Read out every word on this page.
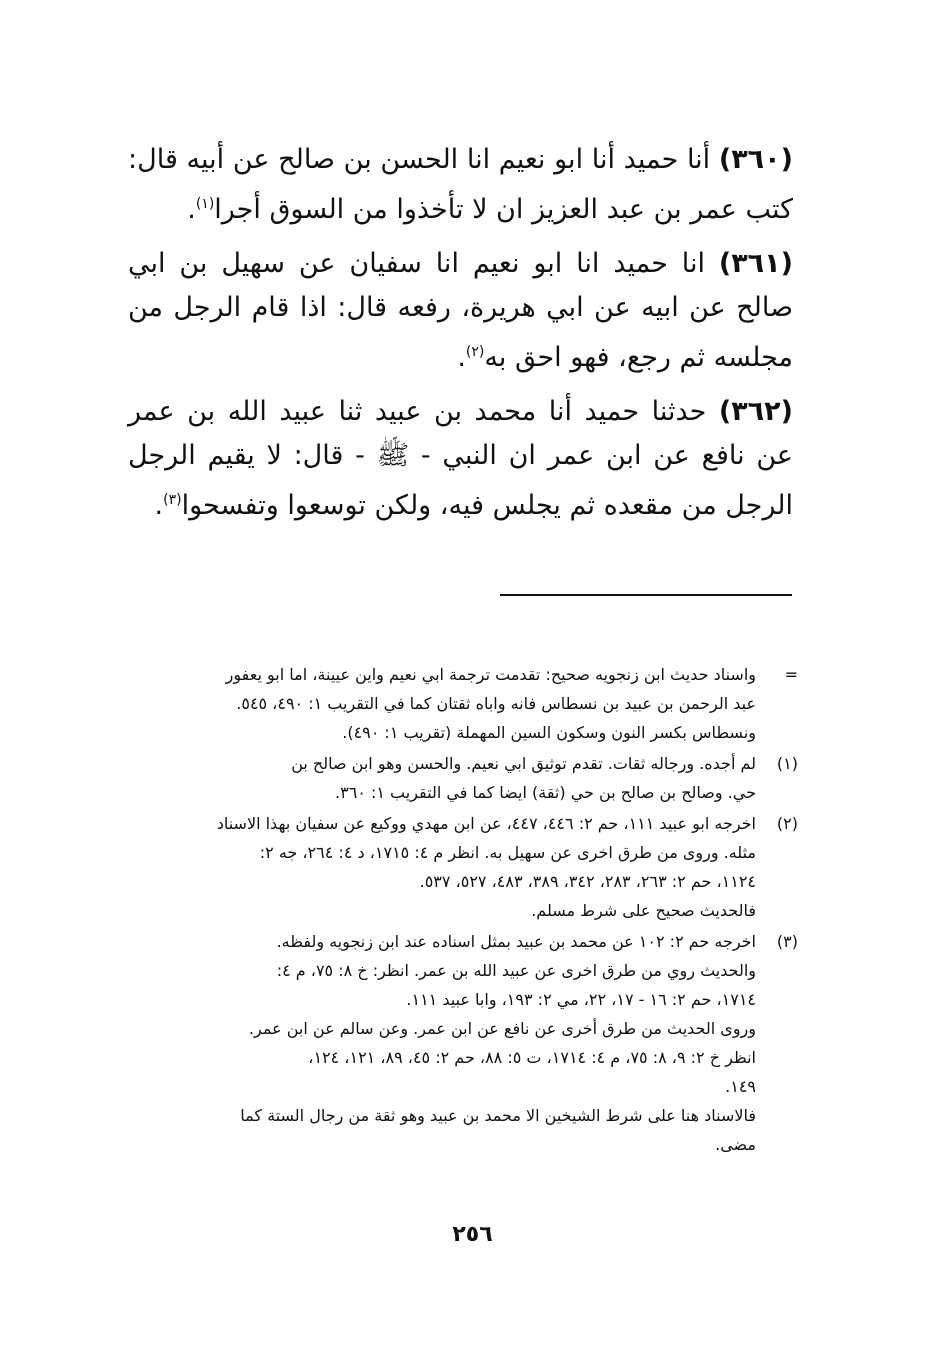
(٣٦٠) أنا حميد أنا ابو نعيم انا الحسن بن صالح عن أبيه قال: كتب عمر بن عبد العزيز ان لا تأخذوا من السوق أجرا$^{(١)}$.

(٣٦١) انا حميد انا ابو نعيم انا سفيان عن سهيل بن ابي صالح عن ابيه عن ابي هريرة، رفعه قال: اذا قام الرجل من مجلسه ثم رجع، فهو احق به$^{(٢)}$.

(٣٦٢) حدثنا حميد أنا محمد بن عبيد ثنا عبيد الله بن عمر عن نافع عن ابن عمر ان النبي - ﷺ - قال: لا يقيم الرجل الرجل من مقعده ثم يجلس فيه، ولكن توسعوا وتفسحوا$^{(٣)}$.

=

واسناد حديث ابن زنجويه صحيح: تقدمت ترجمة ابي نعيم واين عيينة، اما ابو يعفور

عبد الرحمن بن عبيد بن نسطاس فانه واباه ثقتان كما في التقريب ١: ٤٩٠، ٥٤٥.

ونسطاس بكسر النون وسكون السين المهملة (تقريب ١: ٤٩٠).

(١)

لم أجده. ورجاله ثقات. تقدم توثيق ابي نعيم. والحسن وهو ابن صالح بن

حي. وصالح بن صالح بن حي (ثقة) ايضا كما في التقريب ١: ٣٦٠.

(٢)

اخرجه ابو عبيد ١١١، حم ٢: ٤٤٦، ٤٤٧، عن ابن مهدي ووكيع عن سفيان بهذا الاسناد

مثله. وروى من طرق اخرى عن سهيل به. انظر م ٤: ١٧١٥، د ٤: ٢٦٤، جه ٢:

١١٢٤، حم ٢: ٢٦٣، ٢٨٣، ٣٤٢، ٣٨٩، ٤٨٣، ٥٢٧، ٥٣٧.

فالحديث صحيح على شرط مسلم.

(٣)

اخرجه حم ٢: ١٠٢ عن محمد بن عبيد بمثل اسناده عند ابن زنجويه ولفظه.

والحديث روي من طرق اخرى عن عبيد الله بن عمر. انظر: خ ٨: ٧٥، م ٤:

١٧١٤، حم ٢: ١٦ - ١٧، ٢٢، مي ٢: ١٩٣، وابا عبيد ١١١.

وروى الحديث من طرق أخرى عن نافع عن ابن عمر. وعن سالم عن ابن عمر.

انظر خ ٢: ٩، ٨: ٧٥، م ٤: ١٧١٤، ت ٥: ٨٨، حم ٢: ٤٥، ٨٩، ١٢١، ١٢٤،

١٤٩.

فالاسناد هنا على شرط الشيخين الا محمد بن عبيد وهو ثقة من رجال الستة كما

مضى.

٢٥٦
